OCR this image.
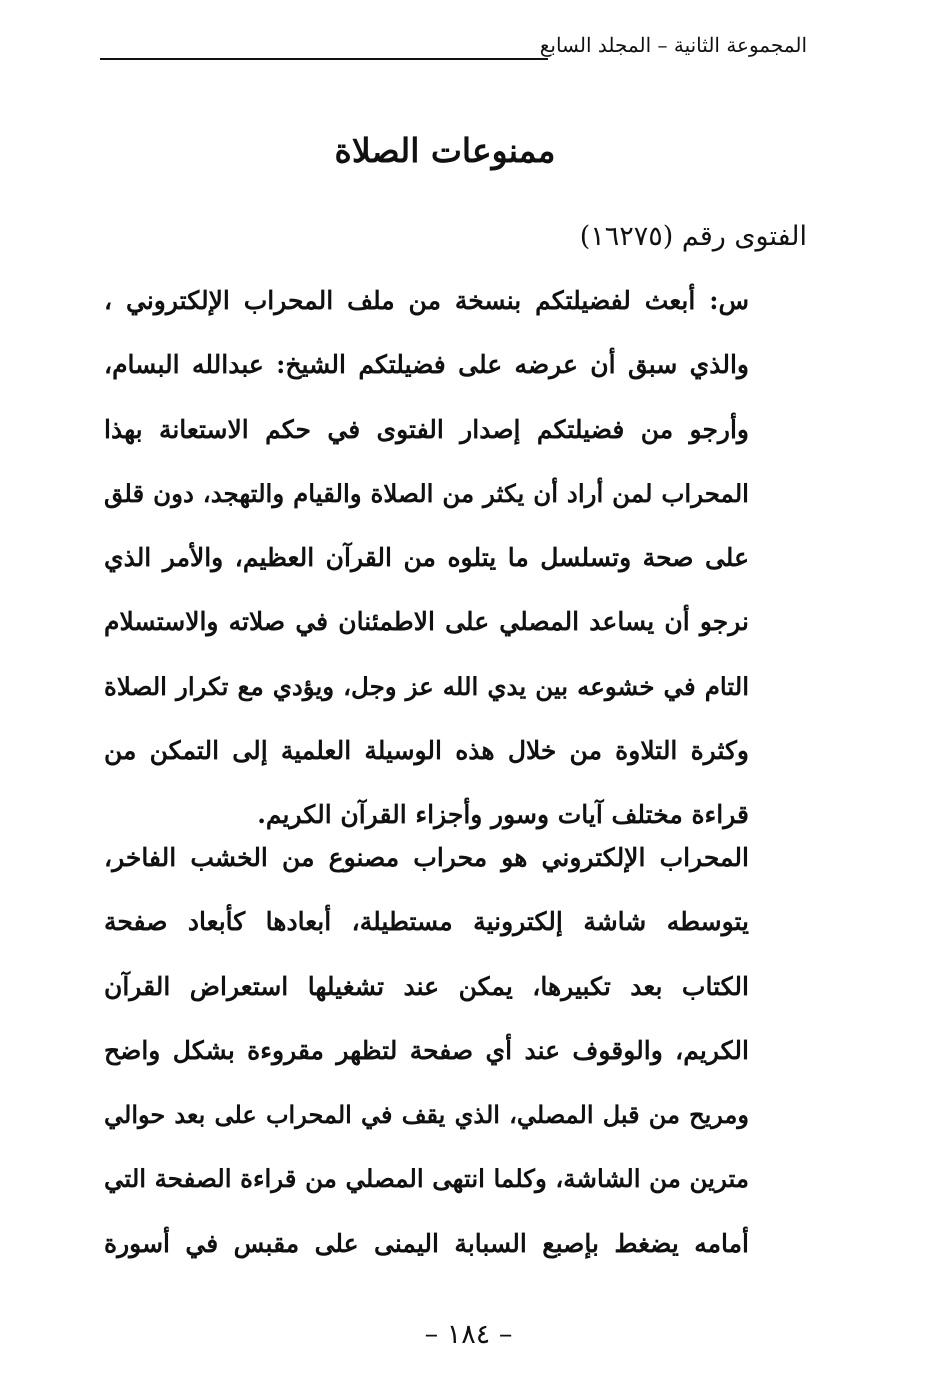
المجموعة الثانية – المجلد السابع
ممنوعات الصلاة
الفتوى رقم (١٦٢٧٥)
س: أبعث لفضيلتكم بنسخة من ملف المحراب الإلكتروني ،
والذي سبق أن عرضه على فضيلتكم الشيخ: عبدالله البسام،
وأرجو من فضيلتكم إصدار الفتوى في حكم الاستعانة بهذا
المحراب لمن أراد أن يكثر من الصلاة والقيام والتهجد، دون قلق
على صحة وتسلسل ما يتلوه من القرآن العظيم، والأمر الذي
نرجو أن يساعد المصلي على الاطمئنان في صلاته والاستسلام
التام في خشوعه بين يدي الله عز وجل، ويؤدي مع تكرار الصلاة
وكثرة التلاوة من خلال هذه الوسيلة العلمية إلى التمكن من
قراءة مختلف آيات وسور وأجزاء القرآن الكريم.
المحراب الإلكتروني هو محراب مصنوع من الخشب الفاخر،
يتوسطه شاشة إلكترونية مستطيلة، أبعادها كأبعاد صفحة
الكتاب بعد تكبيرها، يمكن عند تشغيلها استعراض القرآن
الكريم، والوقوف عند أي صفحة لتظهر مقروءة بشكل واضح
ومريح من قبل المصلي، الذي يقف في المحراب على بعد حوالي
مترين من الشاشة، وكلما انتهى المصلي من قراءة الصفحة التي
أمامه يضغط بإصبع السبابة اليمنى على مقبس في أسورة
– ١٨٤ –
